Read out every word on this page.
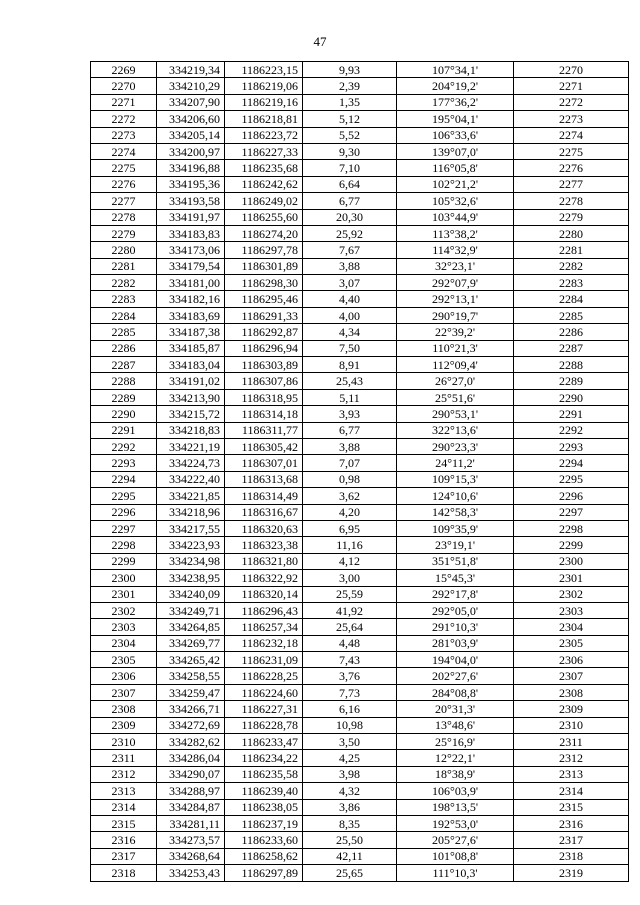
47
2269	334219,34	1186223,15	9,93	107°34,1'	2270
2270	334210,29	1186219,06	2,39	204°19,2'	2271
2271	334207,90	1186219,16	1,35	177°36,2'	2272
2272	334206,60	1186218,81	5,12	195°04,1'	2273
2273	334205,14	1186223,72	5,52	106°33,6'	2274
2274	334200,97	1186227,33	9,30	139°07,0'	2275
2275	334196,88	1186235,68	7,10	116°05,8'	2276
2276	334195,36	1186242,62	6,64	102°21,2'	2277
2277	334193,58	1186249,02	6,77	105°32,6'	2278
2278	334191,97	1186255,60	20,30	103°44,9'	2279
2279	334183,83	1186274,20	25,92	113°38,2'	2280
2280	334173,06	1186297,78	7,67	114°32,9'	2281
2281	334179,54	1186301,89	3,88	32°23,1'	2282
2282	334181,00	1186298,30	3,07	292°07,9'	2283
2283	334182,16	1186295,46	4,40	292°13,1'	2284
2284	334183,69	1186291,33	4,00	290°19,7'	2285
2285	334187,38	1186292,87	4,34	22°39,2'	2286
2286	334185,87	1186296,94	7,50	110°21,3'	2287
2287	334183,04	1186303,89	8,91	112°09,4'	2288
2288	334191,02	1186307,86	25,43	26°27,0'	2289
2289	334213,90	1186318,95	5,11	25°51,6'	2290
2290	334215,72	1186314,18	3,93	290°53,1'	2291
2291	334218,83	1186311,77	6,77	322°13,6'	2292
2292	334221,19	1186305,42	3,88	290°23,3'	2293
2293	334224,73	1186307,01	7,07	24°11,2'	2294
2294	334222,40	1186313,68	0,98	109°15,3'	2295
2295	334221,85	1186314,49	3,62	124°10,6'	2296
2296	334218,96	1186316,67	4,20	142°58,3'	2297
2297	334217,55	1186320,63	6,95	109°35,9'	2298
2298	334223,93	1186323,38	11,16	23°19,1'	2299
2299	334234,98	1186321,80	4,12	351°51,8'	2300
2300	334238,95	1186322,92	3,00	15°45,3'	2301
2301	334240,09	1186320,14	25,59	292°17,8'	2302
2302	334249,71	1186296,43	41,92	292°05,0'	2303
2303	334264,85	1186257,34	25,64	291°10,3'	2304
2304	334269,77	1186232,18	4,48	281°03,9'	2305
2305	334265,42	1186231,09	7,43	194°04,0'	2306
2306	334258,55	1186228,25	3,76	202°27,6'	2307
2307	334259,47	1186224,60	7,73	284°08,8'	2308
2308	334266,71	1186227,31	6,16	20°31,3'	2309
2309	334272,69	1186228,78	10,98	13°48,6'	2310
2310	334282,62	1186233,47	3,50	25°16,9'	2311
2311	334286,04	1186234,22	4,25	12°22,1'	2312
2312	334290,07	1186235,58	3,98	18°38,9'	2313
2313	334288,97	1186239,40	4,32	106°03,9'	2314
2314	334284,87	1186238,05	3,86	198°13,5'	2315
2315	334281,11	1186237,19	8,35	192°53,0'	2316
2316	334273,57	1186233,60	25,50	205°27,6'	2317
2317	334268,64	1186258,62	42,11	101°08,8'	2318
2318	334253,43	1186297,89	25,65	111°10,3'	2319
